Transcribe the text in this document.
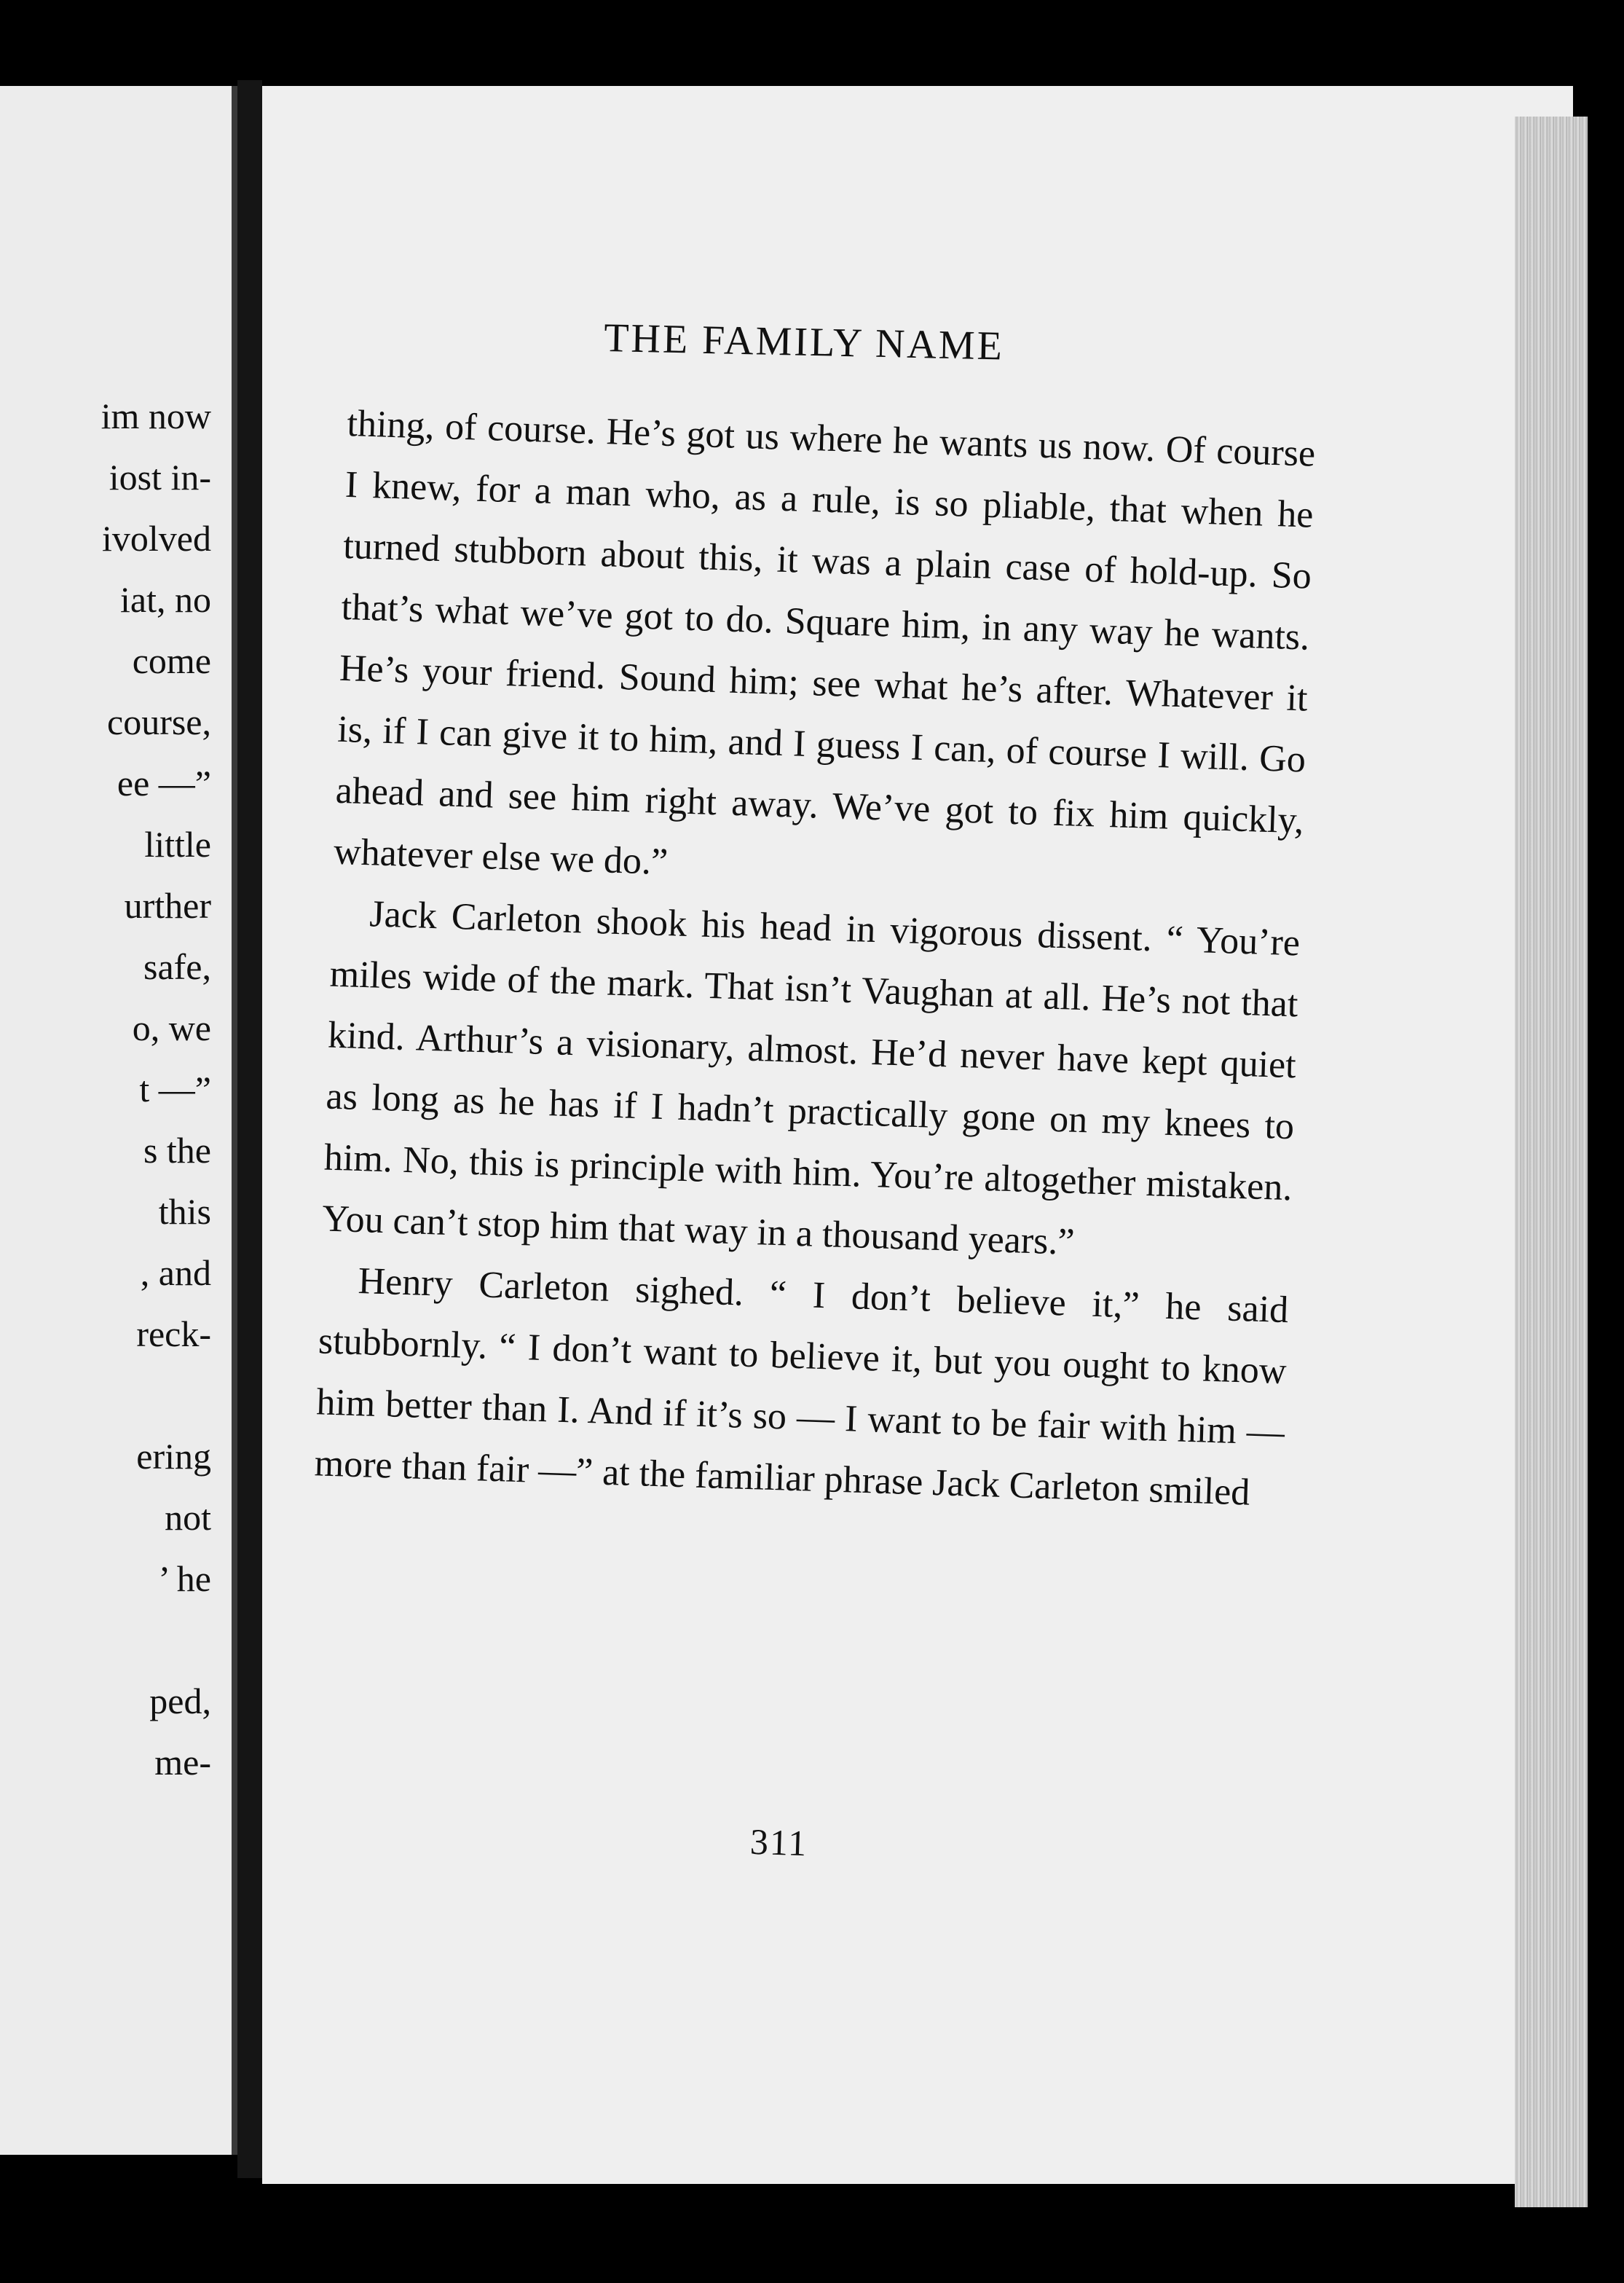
im now
iost in-
ivolved
iat, no
come
course,
ee —”
little
urther
safe,
o, we
t —”
s the
this
, and
reck-
ering
not
’ he
ped,
me-
THE FAMILY NAME

thing, of course. He’s got us where he wants us now. Of course I knew, for a man who, as a rule, is so pliable, that when he turned stubborn about this, it was a plain case of hold-up. So that’s what we’ve got to do. Square him, in any way he wants. He’s your friend. Sound him; see what he’s after. Whatever it is, if I can give it to him, and I guess I can, of course I will. Go ahead and see him right away. We’ve got to fix him quickly, whatever else we do.”

Jack Carleton shook his head in vigorous dissent. “ You’re miles wide of the mark. That isn’t Vaughan at all. He’s not that kind. Arthur’s a visionary, almost. He’d never have kept quiet as long as he has if I hadn’t practically gone on my knees to him. No, this is principle with him. You’re altogether mistaken. You can’t stop him that way in a thousand years.”

Henry Carleton sighed. “ I don’t believe it,” he said stubbornly. “ I don’t want to believe it, but you ought to know him better than I. And if it’s so — I want to be fair with him — more than fair —” at the familiar phrase Jack Carleton smiled

311
